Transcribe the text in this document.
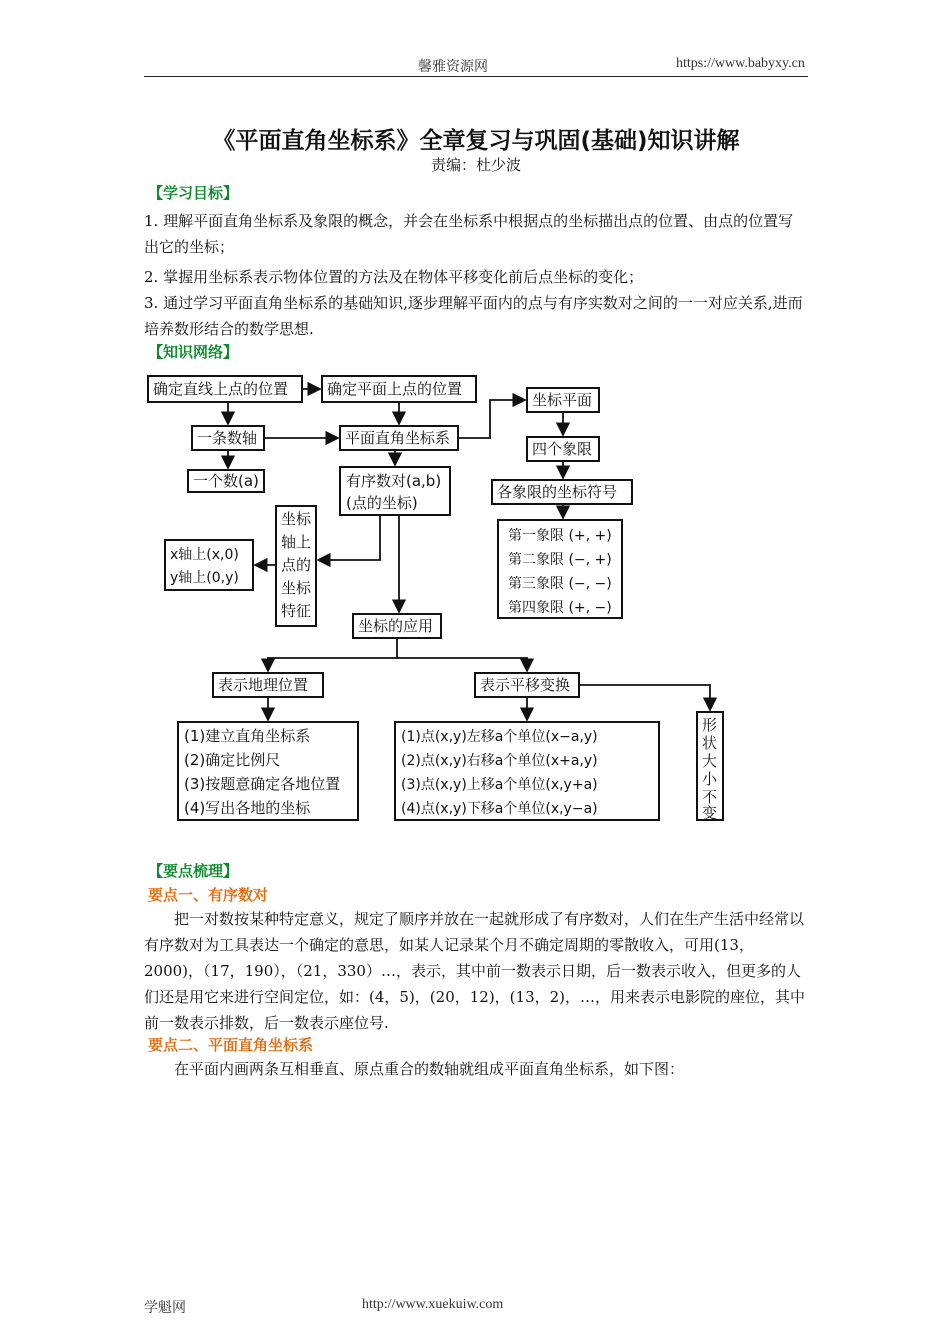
馨雅资源网	https://www.babyxy.cn
《平面直角坐标系》全章复习与巩固(基础)知识讲解
责编：杜少波
【学习目标】
1. 理解平面直角坐标系及象限的概念，并会在坐标系中根据点的坐标描出点的位置、由点的位置写出它的坐标；
2. 掌握用坐标系表示物体位置的方法及在物体平移变化前后点坐标的变化；
3. 通过学习平面直角坐标系的基础知识,逐步理解平面内的点与有序实数对之间的一一对应关系,进而培养数形结合的数学思想.
【知识网络】
确定直线上点的位置	确定平面上点的位置
坐标平面
一条数轴	平面直角坐标系
四个象限
一个数(a)	有序数对(a,b)
(点的坐标)
各象限的坐标符号
第一象限 (+, +)
第二象限 (−, +)
第三象限 (−, −)
第四象限 (+, −)
坐标
轴上
点的
坐标
特征
x轴上(x,0)
y轴上(0,y)
坐标的应用
表示地理位置	表示平移变换
(1)建立直角坐标系
(2)确定比例尺
(3)按题意确定各地位置
(4)写出各地的坐标
(1)点(x,y)左移a个单位(x−a,y)
(2)点(x,y)右移a个单位(x+a,y)
(3)点(x,y)上移a个单位(x,y+a)
(4)点(x,y)下移a个单位(x,y−a)
形
状
大
小
不
变
【要点梳理】
要点一、有序数对
把一对数按某种特定意义，规定了顺序并放在一起就形成了有序数对，人们在生产生活中经常以有序数对为工具表达一个确定的意思，如某人记录某个月不确定周期的零散收入，可用(13，2000)，（17，190），（21，330）…，表示，其中前一数表示日期，后一数表示收入，但更多的人们还是用它来进行空间定位，如：(4，5)，(20，12)，(13，2)，…，用来表示电影院的座位，其中前一数表示排数，后一数表示座位号.
要点二、平面直角坐标系
在平面内画两条互相垂直、原点重合的数轴就组成平面直角坐标系，如下图：
学魁网	http://www.xuekuiw.com
